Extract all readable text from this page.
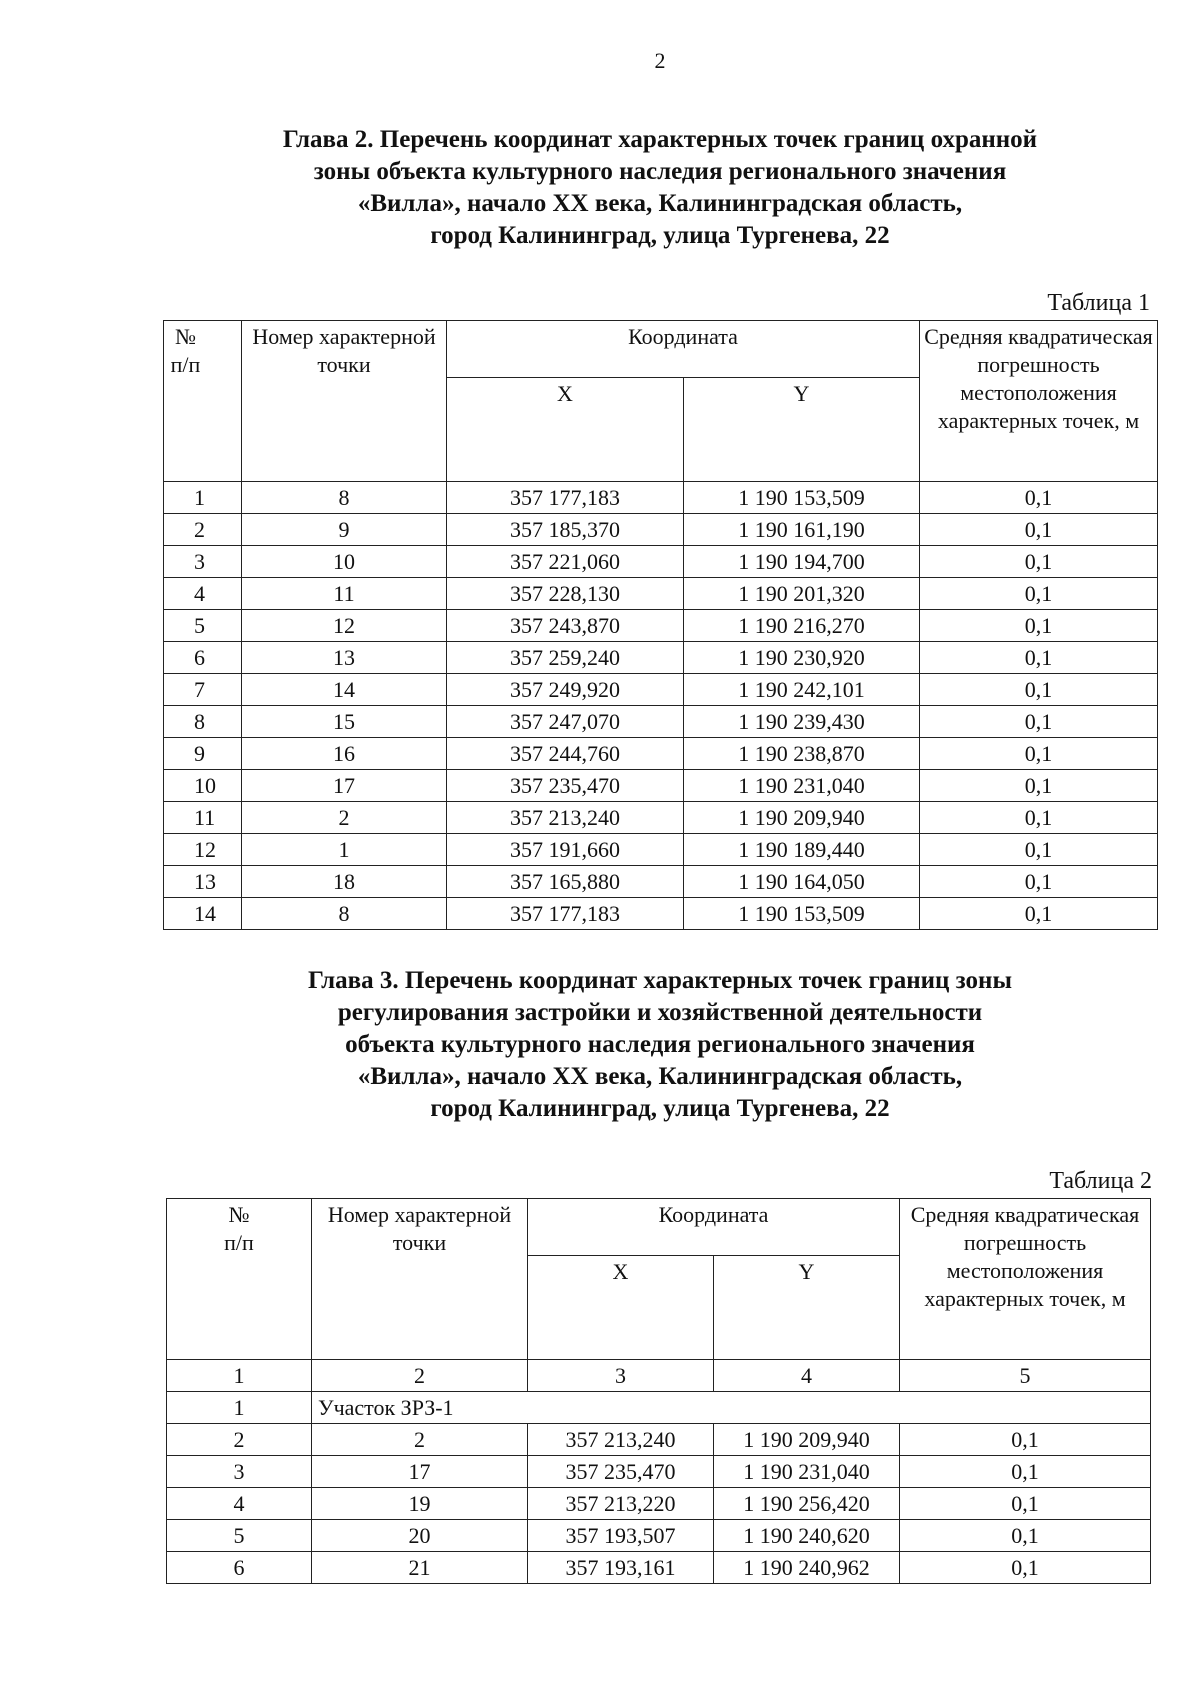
2
Глава 2. Перечень координат характерных точек границ охранной
зоны объекта культурного наследия регионального значения
«Вилла», начало XX века, Калининградская область,
город Калининград, улица Тургенева, 22
Таблица 1
№ п/п	Номер характерной точки	Координата		Средняя квадратическая погрешность местоположения характерных точек, м
		X	Y	
1	8	357 177,183	1 190 153,509	0,1
2	9	357 185,370	1 190 161,190	0,1
3	10	357 221,060	1 190 194,700	0,1
4	11	357 228,130	1 190 201,320	0,1
5	12	357 243,870	1 190 216,270	0,1
6	13	357 259,240	1 190 230,920	0,1
7	14	357 249,920	1 190 242,101	0,1
8	15	357 247,070	1 190 239,430	0,1
9	16	357 244,760	1 190 238,870	0,1
10	17	357 235,470	1 190 231,040	0,1
11	2	357 213,240	1 190 209,940	0,1
12	1	357 191,660	1 190 189,440	0,1
13	18	357 165,880	1 190 164,050	0,1
14	8	357 177,183	1 190 153,509	0,1
Глава 3. Перечень координат характерных точек границ зоны
регулирования застройки и хозяйственной деятельности
объекта культурного наследия регионального значения
«Вилла», начало XX века, Калининградская область,
город Калининград, улица Тургенева, 22
Таблица 2
№ п/п	Номер характерной точки	Координата		Средняя квадратическая погрешность местоположения характерных точек, м
		X	Y	
1	2	3	4	5
1	Участок ЗРЗ-1			
2	2	357 213,240	1 190 209,940	0,1
3	17	357 235,470	1 190 231,040	0,1
4	19	357 213,220	1 190 256,420	0,1
5	20	357 193,507	1 190 240,620	0,1
6	21	357 193,161	1 190 240,962	0,1
